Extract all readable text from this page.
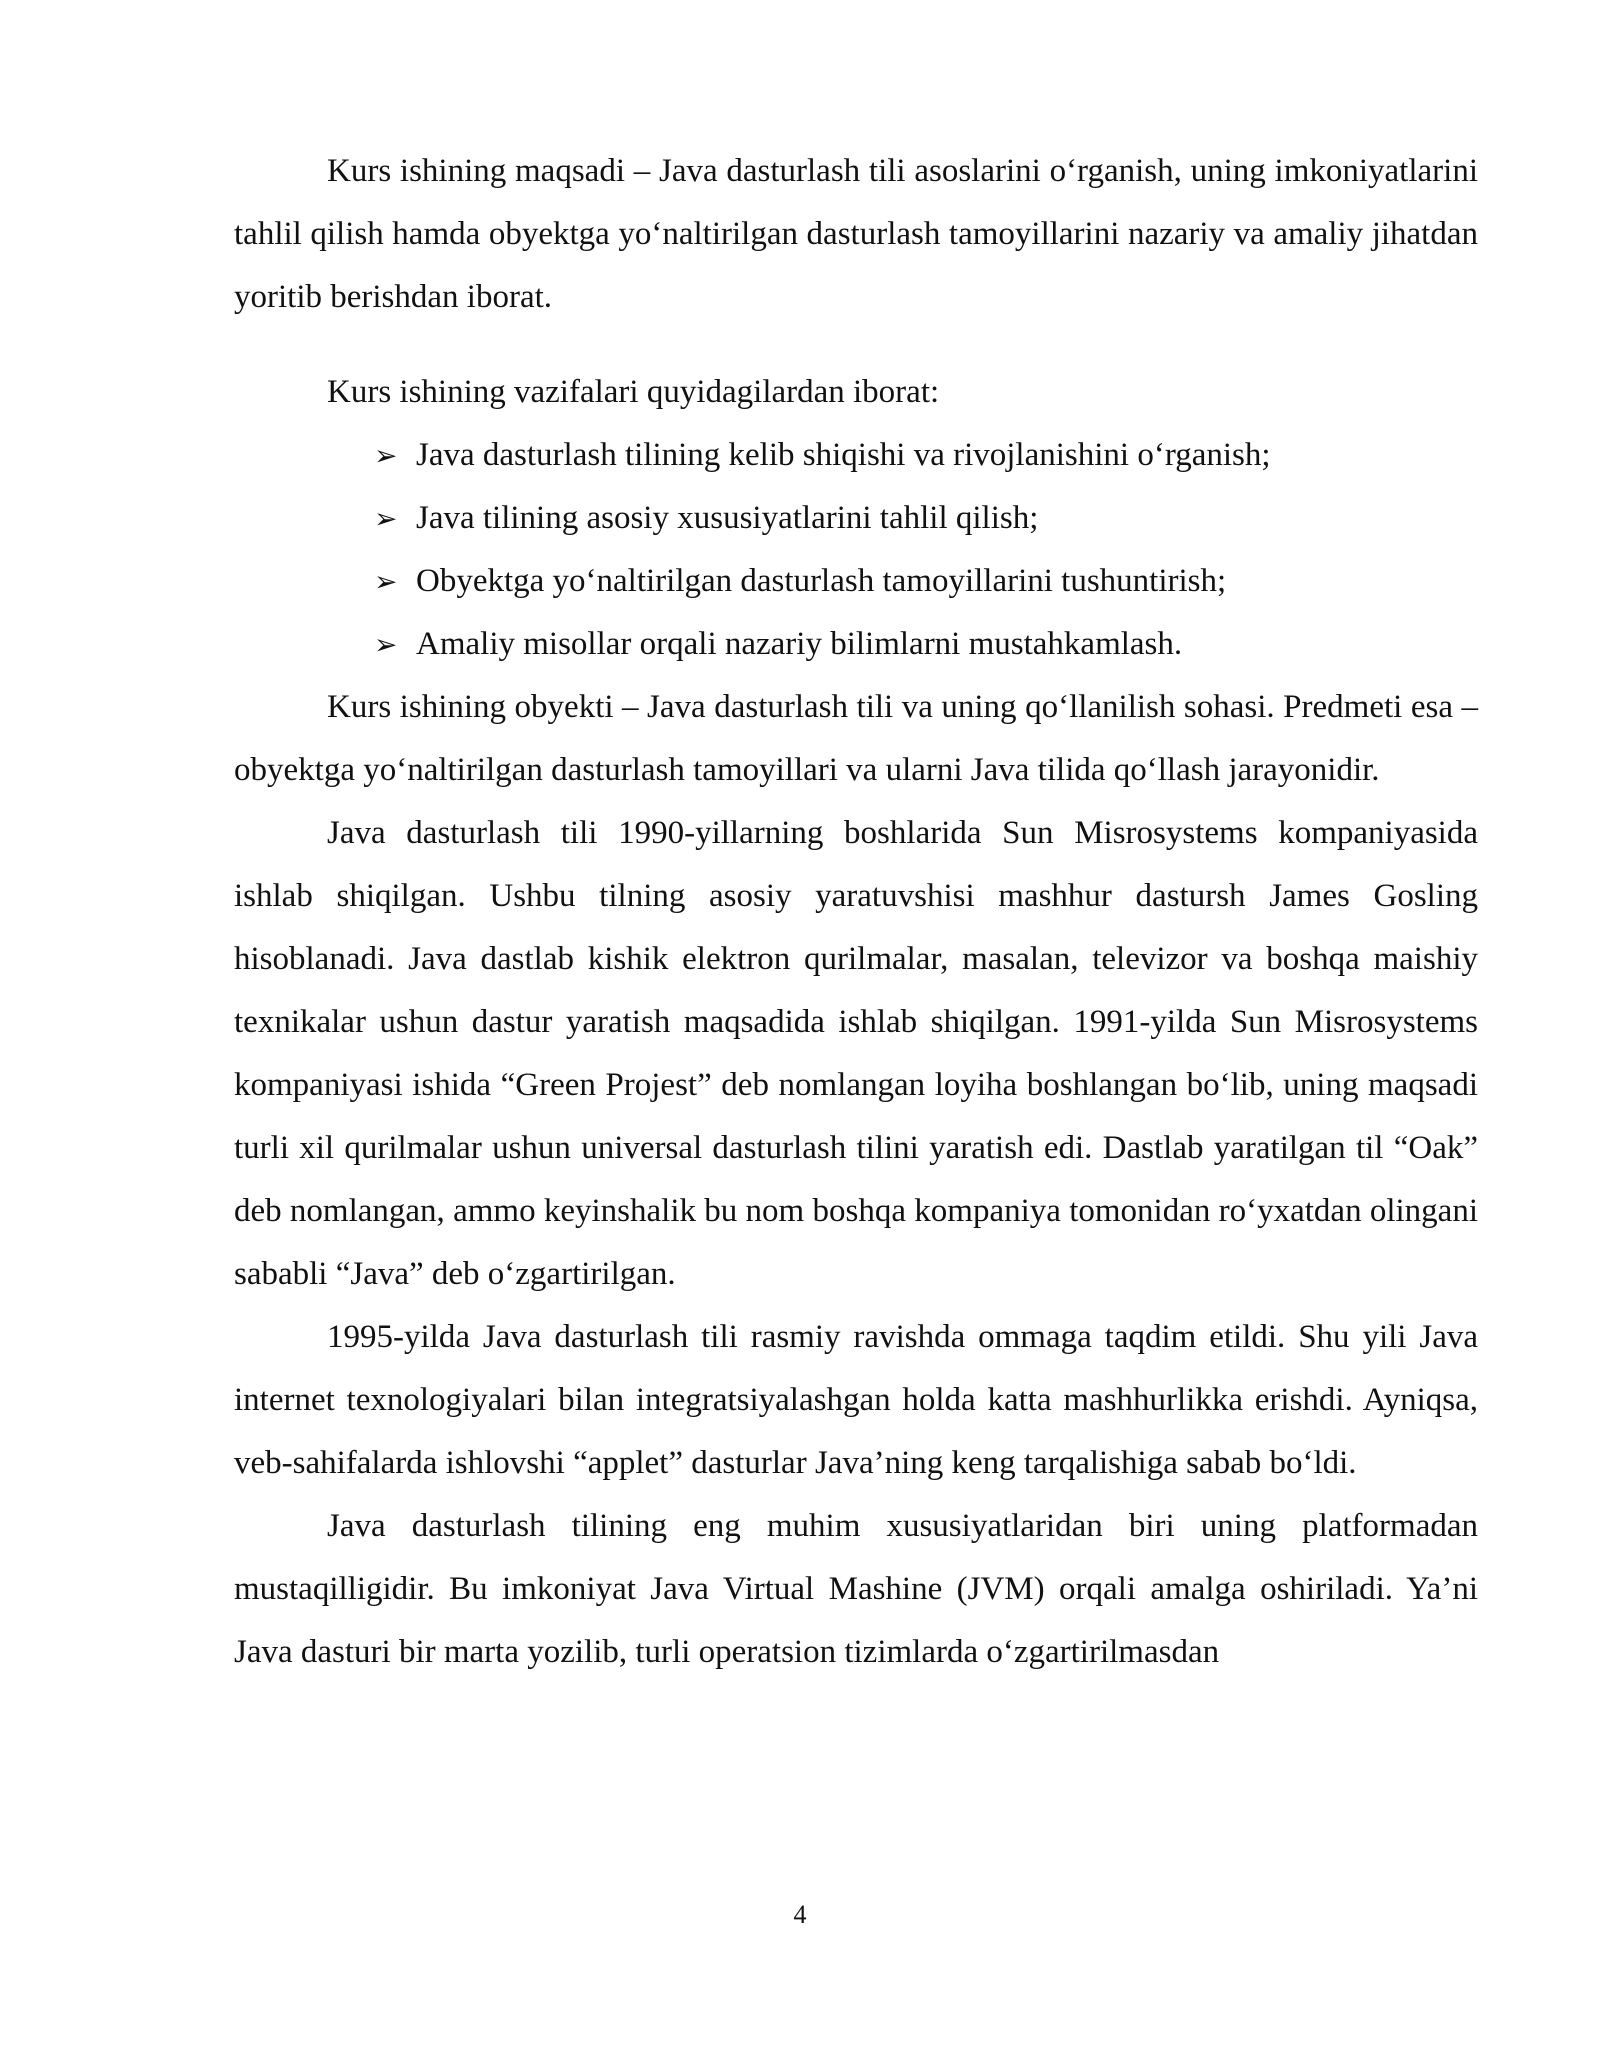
Kurs ishining maqsadi – Java dasturlash tili asoslarini o‘rganish, uning imkoniyatlarini tahlil qilish hamda obyektga yo‘naltirilgan dasturlash tamoyillarini nazariy va amaliy jihatdan yoritib berishdan iborat.

Kurs ishining vazifalari quyidagilardan iborat:

➢ Java dasturlash tilining kelib shiqishi va rivojlanishini o‘rganish;
➢ Java tilining asosiy xususiyatlarini tahlil qilish;
➢ Obyektga yo‘naltirilgan dasturlash tamoyillarini tushuntirish;
➢ Amaliy misollar orqali nazariy bilimlarni mustahkamlash.

Kurs ishining obyekti – Java dasturlash tili va uning qo‘llanilish sohasi. Predmeti esa – obyektga yo‘naltirilgan dasturlash tamoyillari va ularni Java tilida qo‘llash jarayonidir.

Java dasturlash tili 1990-yillarning boshlarida Sun Misrosystems kompaniyasida ishlab shiqilgan. Ushbu tilning asosiy yaratuvshisi mashhur dastursh James Gosling hisoblanadi. Java dastlab kishik elektron qurilmalar, masalan, televizor va boshqa maishiy texnikalar ushun dastur yaratish maqsadida ishlab shiqilgan. 1991-yilda Sun Misrosystems kompaniyasi ishida “Green Projest” deb nomlangan loyiha boshlangan bo‘lib, uning maqsadi turli xil qurilmalar ushun universal dasturlash tilini yaratish edi. Dastlab yaratilgan til “Oak” deb nomlangan, ammo keyinshalik bu nom boshqa kompaniya tomonidan ro‘yxatdan olingani sababli “Java” deb o‘zgartirilgan.

1995-yilda Java dasturlash tili rasmiy ravishda ommaga taqdim etildi. Shu yili Java internet texnologiyalari bilan integratsiyalashgan holda katta mashhurlikka erishdi. Ayniqsa, veb-sahifalarda ishlovshi “applet” dasturlar Java’ning keng tarqalishiga sabab bo‘ldi.

Java dasturlash tilining eng muhim xususiyatlaridan biri uning platformadan mustaqilligidir. Bu imkoniyat Java Virtual Mashine (JVM) orqali amalga oshiriladi. Ya’ni Java dasturi bir marta yozilib, turli operatsion tizimlarda o‘zgartirilmasdan

4
